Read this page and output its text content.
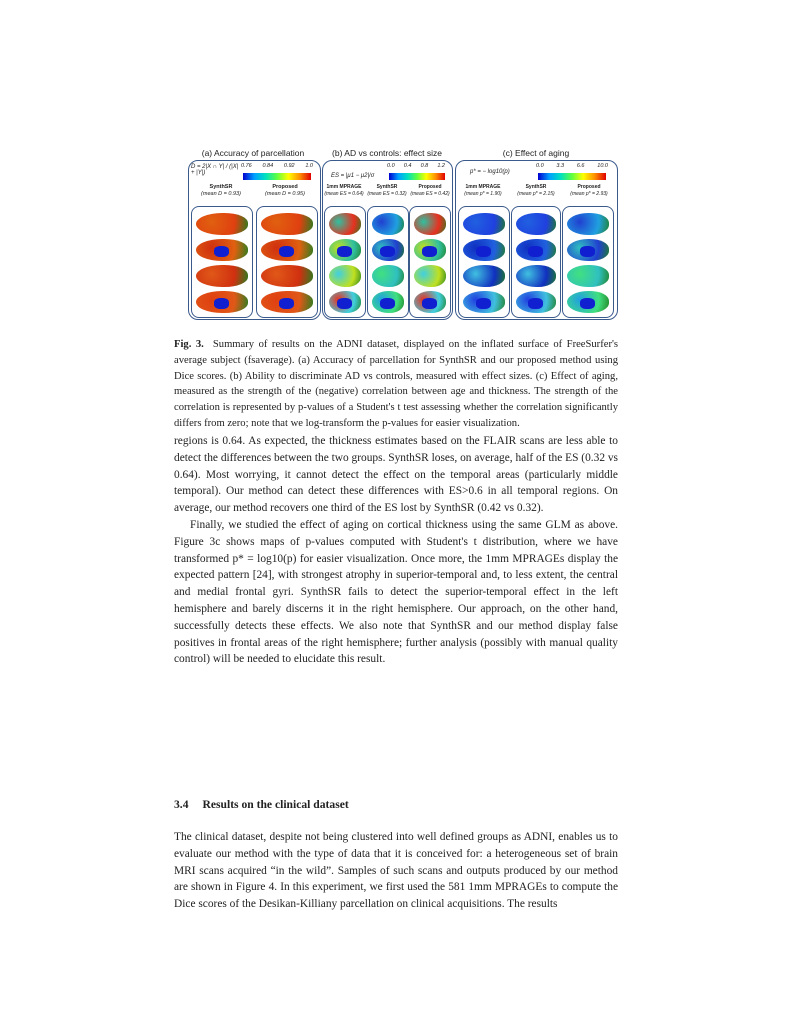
(a) Accuracy of parcellation
D = 2|X ∩ Y| / (|X| + |Y|)
0.76 0.84 0.92 1.0
SynthSR
(mean D = 0.93)
Proposed
(mean D = 0.95)
(b) AD vs controls: effect size
ES = |μ1 − μ2|/σ
0.0 0.4 0.8 1.2
1mm MPRAGE
(mean ES = 0.64)
SynthSR
(mean ES = 0.32)
Proposed
(mean ES = 0.42)
(c) Effect of aging
p* = − log10(p)
0.0 3.3 6.6 10.0
1mm MPRAGE
(mean p* = 1.90)
SynthSR
(mean p* = 2.15)
Proposed
(mean p* = 2.93)
Fig. 3. Summary of results on the ADNI dataset, displayed on the inflated surface of FreeSurfer's average subject (fsaverage). (a) Accuracy of parcellation for SynthSR and our proposed method using Dice scores. (b) Ability to discriminate AD vs controls, measured with effect sizes. (c) Effect of aging, measured as the strength of the (negative) correlation between age and thickness. The strength of the correlation is represented by p-values of a Student's t test assessing whether the correlation significantly differs from zero; note that we log-transform the p-values for easier visualization.

regions is 0.64. As expected, the thickness estimates based on the FLAIR scans are less able to detect the differences between the two groups. SynthSR loses, on average, half of the ES (0.32 vs 0.64). Most worrying, it cannot detect the effect on the temporal areas (particularly middle temporal). Our method can detect these differences with ES>0.6 in all temporal regions. On average, our method recovers one third of the ES lost by SynthSR (0.42 vs 0.32).

Finally, we studied the effect of aging on cortical thickness using the same GLM as above. Figure 3c shows maps of p-values computed with Student's t distribution, where we have transformed p* = log10(p) for easier visualization. Once more, the 1mm MPRAGEs display the expected pattern [24], with strongest atrophy in superior-temporal and, to less extent, the central and medial frontal gyri. SynthSR fails to detect the superior-temporal effect in the left hemisphere and barely discerns it in the right hemisphere. Our approach, on the other hand, successfully detects these effects. We also note that SynthSR and our method display false positives in frontal areas of the right hemisphere; further analysis (possibly with manual quality control) will be needed to elucidate this result.

3.4 Results on the clinical dataset

The clinical dataset, despite not being clustered into well defined groups as ADNI, enables us to evaluate our method with the type of data that it is conceived for: a heterogeneous set of brain MRI scans acquired “in the wild”. Samples of such scans and outputs produced by our method are shown in Figure 4. In this experiment, we first used the 581 1mm MPRAGEs to compute the Dice scores of the Desikan-Killiany parcellation on clinical acquisitions. The results
